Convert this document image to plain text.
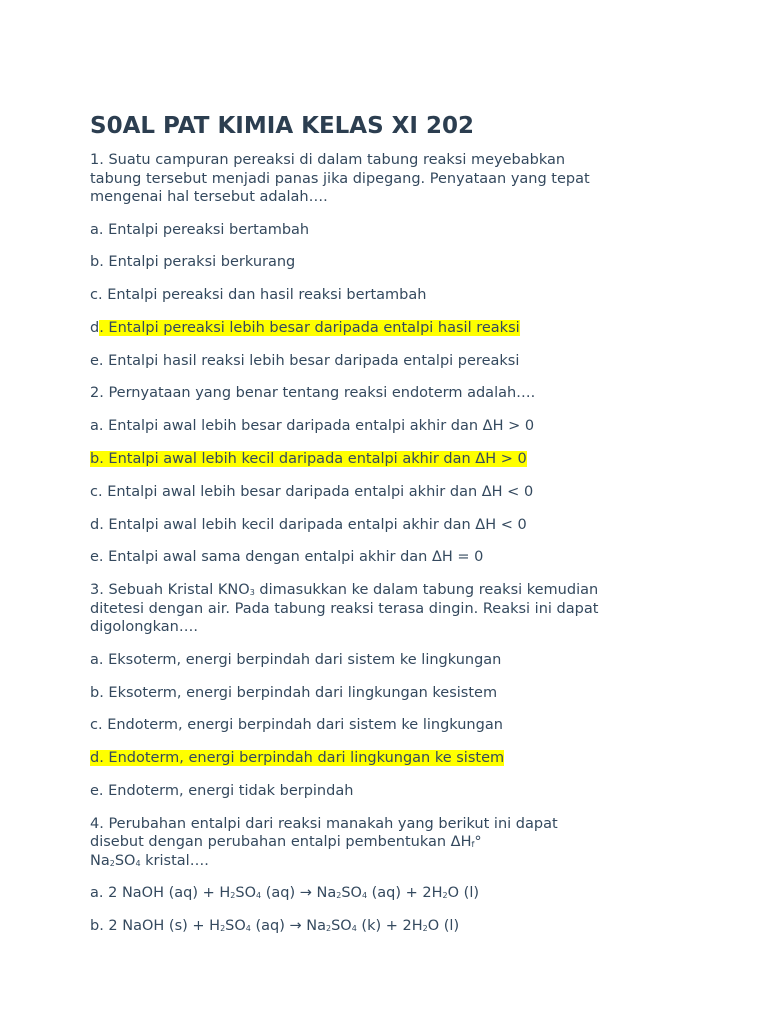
S0AL PAT KIMIA KELAS XI 202

1. Suatu campuran pereaksi di dalam tabung reaksi meyebabkan tabung tersebut menjadi panas jika dipegang. Penyataan yang tepat mengenai hal tersebut adalah….

a. Entalpi pereaksi bertambah

b. Entalpi peraksi berkurang

c. Entalpi pereaksi dan hasil reaksi bertambah

d. Entalpi pereaksi lebih besar daripada entalpi hasil reaksi

e. Entalpi hasil reaksi lebih besar daripada entalpi pereaksi

2. Pernyataan yang benar tentang reaksi endoterm adalah….

a. Entalpi awal lebih besar daripada entalpi akhir dan ΔH > 0

b. Entalpi awal lebih kecil daripada entalpi akhir dan ΔH > 0

c. Entalpi awal lebih besar daripada entalpi akhir dan ΔH < 0

d. Entalpi awal lebih kecil daripada entalpi akhir dan ΔH < 0

e. Entalpi awal sama dengan entalpi akhir dan ΔH = 0

3. Sebuah Kristal $KNO_3$ dimasukkan ke dalam tabung reaksi kemudian ditetesi dengan air. Pada tabung reaksi terasa dingin. Reaksi ini dapat digolongkan….

a. Eksoterm, energi berpindah dari sistem ke lingkungan

b. Eksoterm, energi berpindah dari lingkungan kesistem

c. Endoterm, energi berpindah dari sistem ke lingkungan

d. Endoterm, energi berpindah dari lingkungan ke sistem

e. Endoterm, energi tidak berpindah

4. Perubahan entalpi dari reaksi manakah yang berikut ini dapat disebut dengan perubahan entalpi pembentukan $\Delta H_f^\circ$
$Na_2SO_4$ kristal….

a. 2 NaOH $(aq) + H_2SO_4$ $(aq) \to Na_2SO_4$ $(aq) + 2H_2O$ (l)

b. 2 NaOH $(s) + H_2SO_4$ $(aq) \to Na_2SO_4$ $(k) + 2H_2O$ (l)
